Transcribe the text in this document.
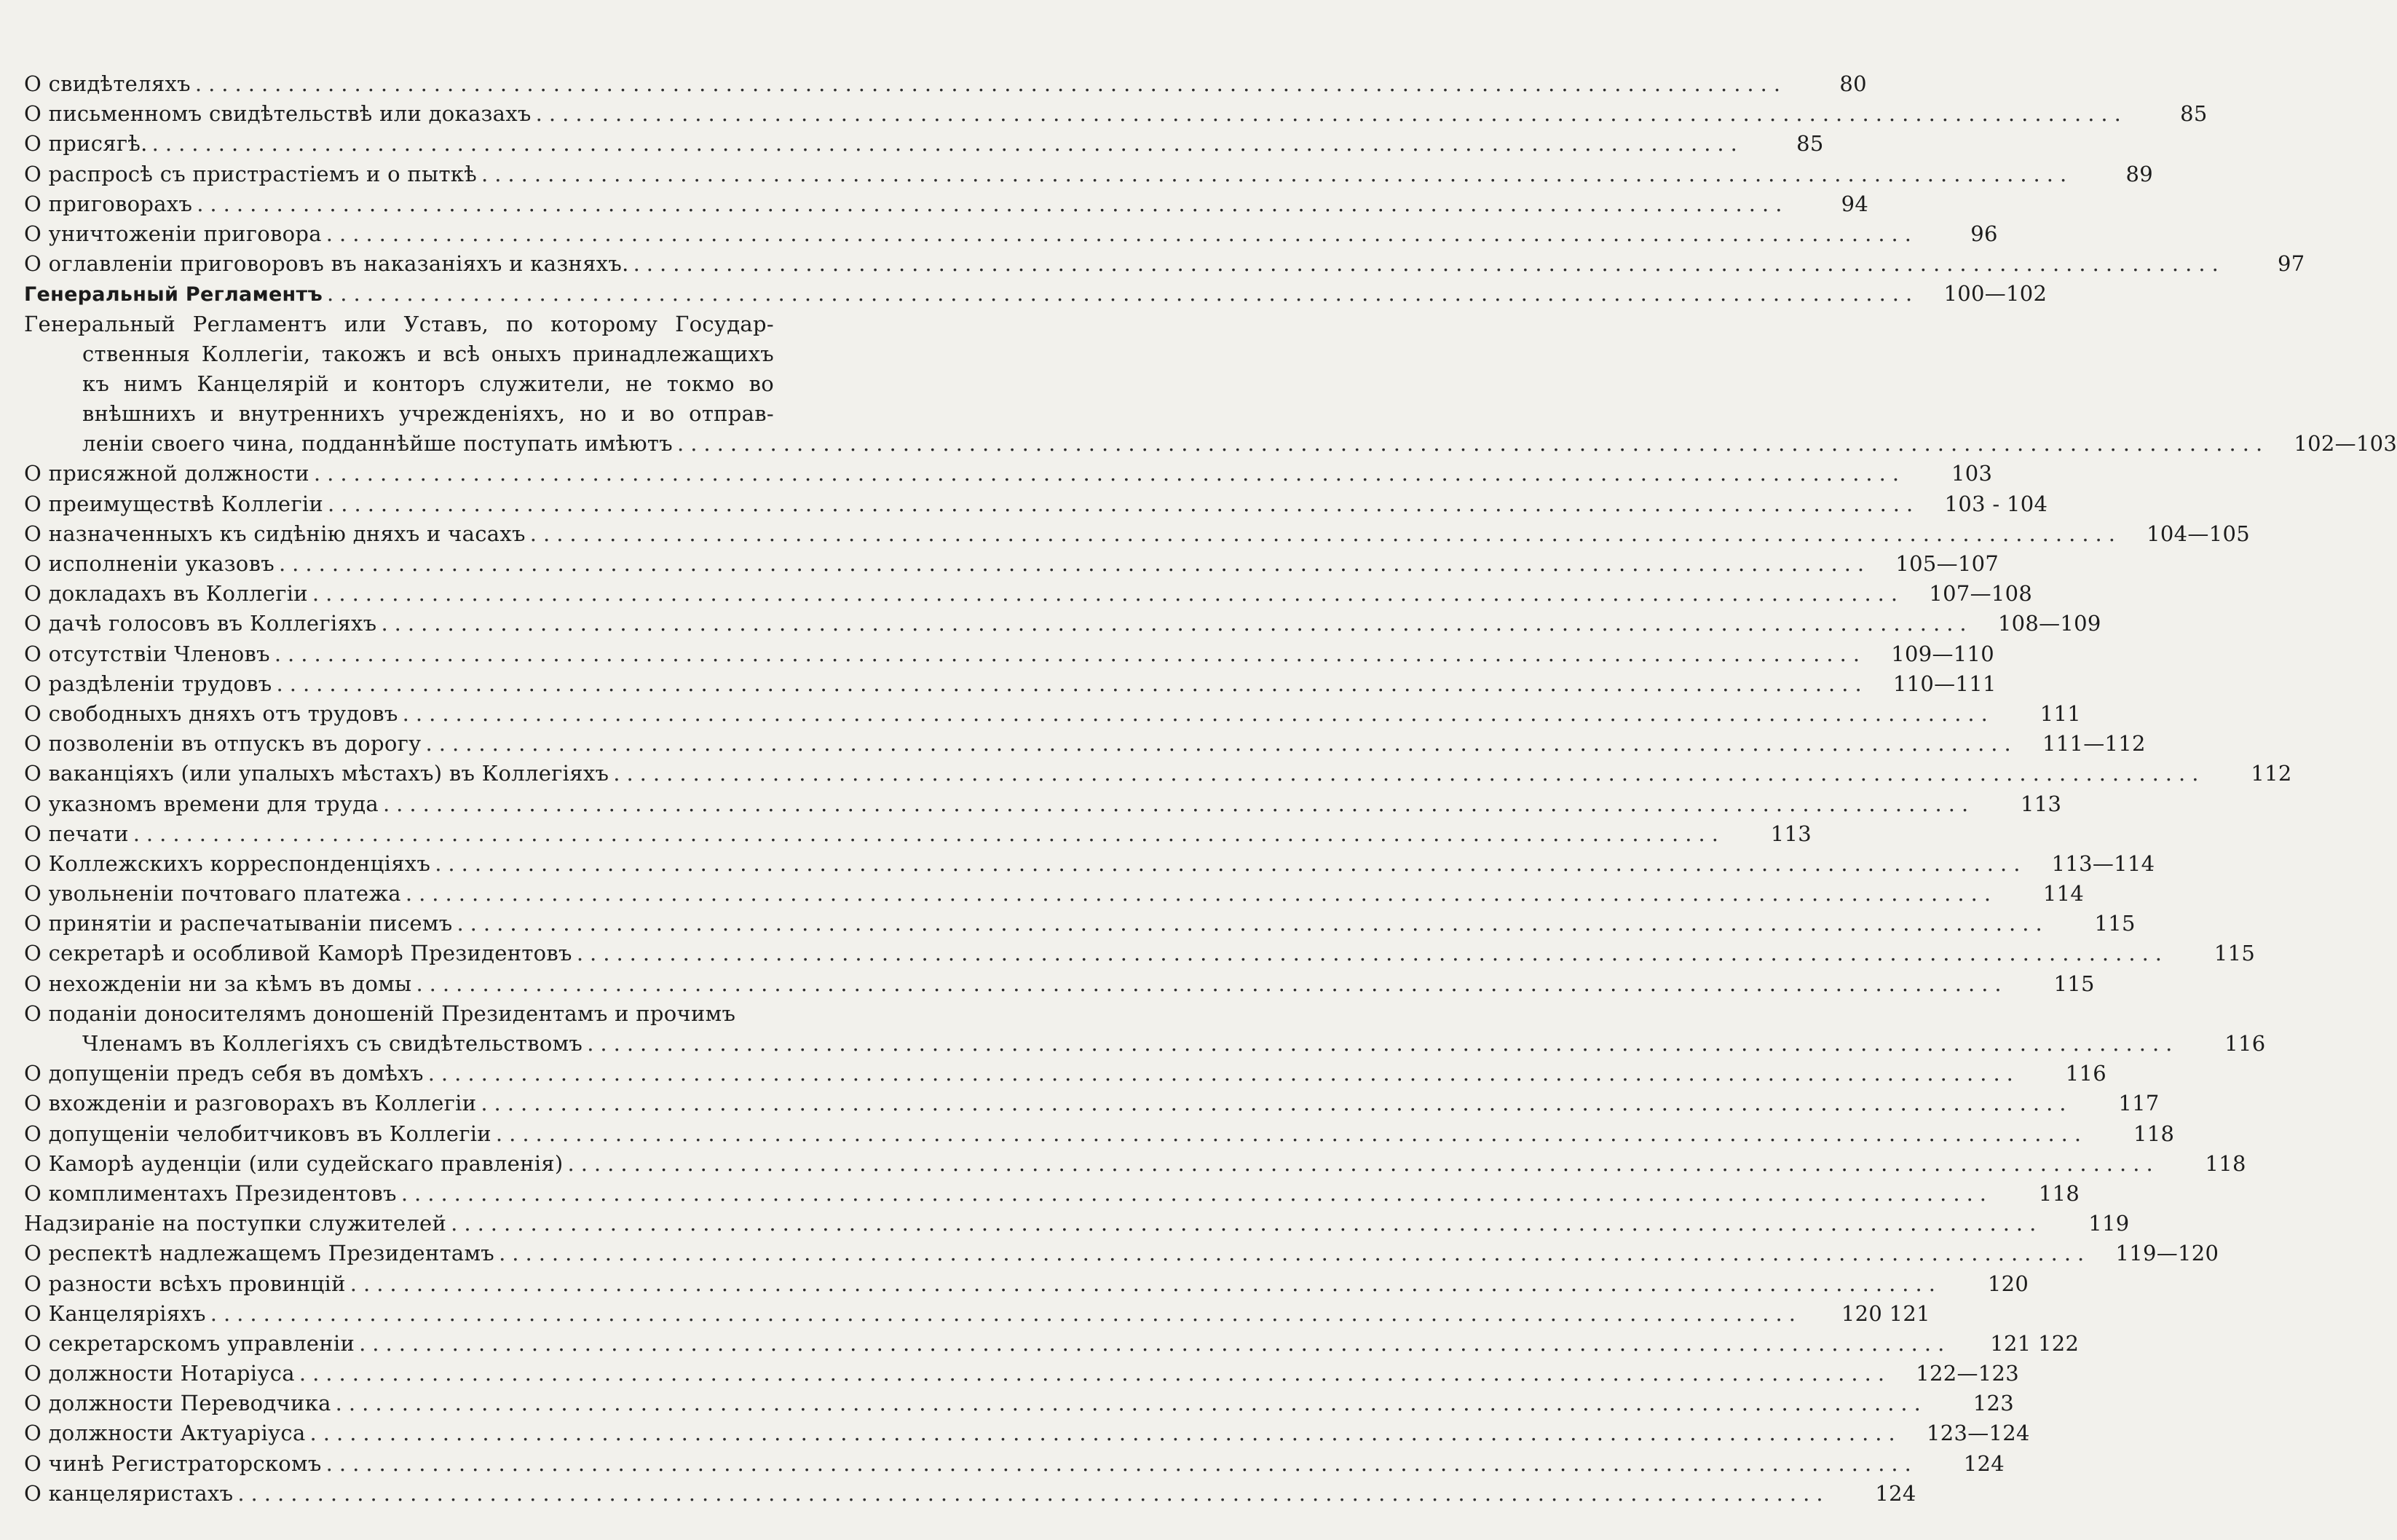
О свидѣтеляхъ ........................................................................................................................	80
О письменномъ свидѣтельствѣ или доказахъ ........................................................................................................................	85
О присягѣ. ........................................................................................................................	85
О распросѣ съ пристрастіемъ и о пыткѣ ........................................................................................................................	89
О приговорахъ ........................................................................................................................	94
О уничтоженіи приговора ........................................................................................................................	96
О оглавленіи приговоровъ въ наказаніяхъ и казняхъ. ........................................................................................................................	97
Генеральный Регламентъ ........................................................................................................................	100—102
Генеральный Регламентъ или Уставъ, по которому Государ-
ственныя Коллегіи, такожъ и всѣ оныхъ принадлежащихъ
къ нимъ Канцелярій и конторъ служители, не токмо во
внѣшнихъ и внутреннихъ учрежденіяхъ, но и во отправ-
леніи своего чина, подданнѣйше поступать имѣютъ ........................................................................................................................	102—103
О присяжной должности ........................................................................................................................	103
О преимуществѣ Коллегіи ........................................................................................................................	103 - 104
О назначенныхъ къ сидѣнію дняхъ и часахъ ........................................................................................................................	104—105
О исполненіи указовъ ........................................................................................................................	105—107
О докладахъ въ Коллегіи ........................................................................................................................	107—108
О дачѣ голосовъ въ Коллегіяхъ ........................................................................................................................	108—109
О отсутствіи Членовъ ........................................................................................................................	109—110
О раздѣленіи трудовъ ........................................................................................................................	110—111
О свободныхъ дняхъ отъ трудовъ ........................................................................................................................	111
О позволеніи въ отпускъ въ дорогу ........................................................................................................................	111—112
О ваканціяхъ (или упалыхъ мѣстахъ) въ Коллегіяхъ ........................................................................................................................	112
О указномъ времени для труда ........................................................................................................................	113
О печати ........................................................................................................................	113
О Коллежскихъ корреспонденціяхъ ........................................................................................................................	113—114
О увольненіи почтоваго платежа ........................................................................................................................	114
О принятіи и распечатываніи писемъ ........................................................................................................................	115
О секретарѣ и особливой Каморѣ Президентовъ ........................................................................................................................	115
О нехожденіи ни за кѣмъ въ домы ........................................................................................................................	115
О поданіи доносителямъ доношеній Президентамъ и прочимъ
Членамъ въ Коллегіяхъ съ свидѣтельствомъ ........................................................................................................................	116
О допущеніи предъ себя въ домѣхъ ........................................................................................................................	116
О вхожденіи и разговорахъ въ Коллегіи ........................................................................................................................	117
О допущеніи челобитчиковъ въ Коллегіи ........................................................................................................................	118
О Каморѣ ауденціи (или судейскаго правленія) ........................................................................................................................	118
О комплиментахъ Президентовъ ........................................................................................................................	118
Надзираніе на поступки служителей ........................................................................................................................	119
О респектѣ надлежащемъ Президентамъ ........................................................................................................................	119—120
О разности всѣхъ провинцій ........................................................................................................................	120
О Канцеляріяхъ ........................................................................................................................	120 121
О секретарскомъ управленіи ........................................................................................................................	121 122
О должности Нотаріуса ........................................................................................................................	122—123
О должности Переводчика ........................................................................................................................	123
О должности Актуаріуса ........................................................................................................................	123—124
О чинѣ Регистраторскомъ ........................................................................................................................	124
О канцеляристахъ ........................................................................................................................	124
